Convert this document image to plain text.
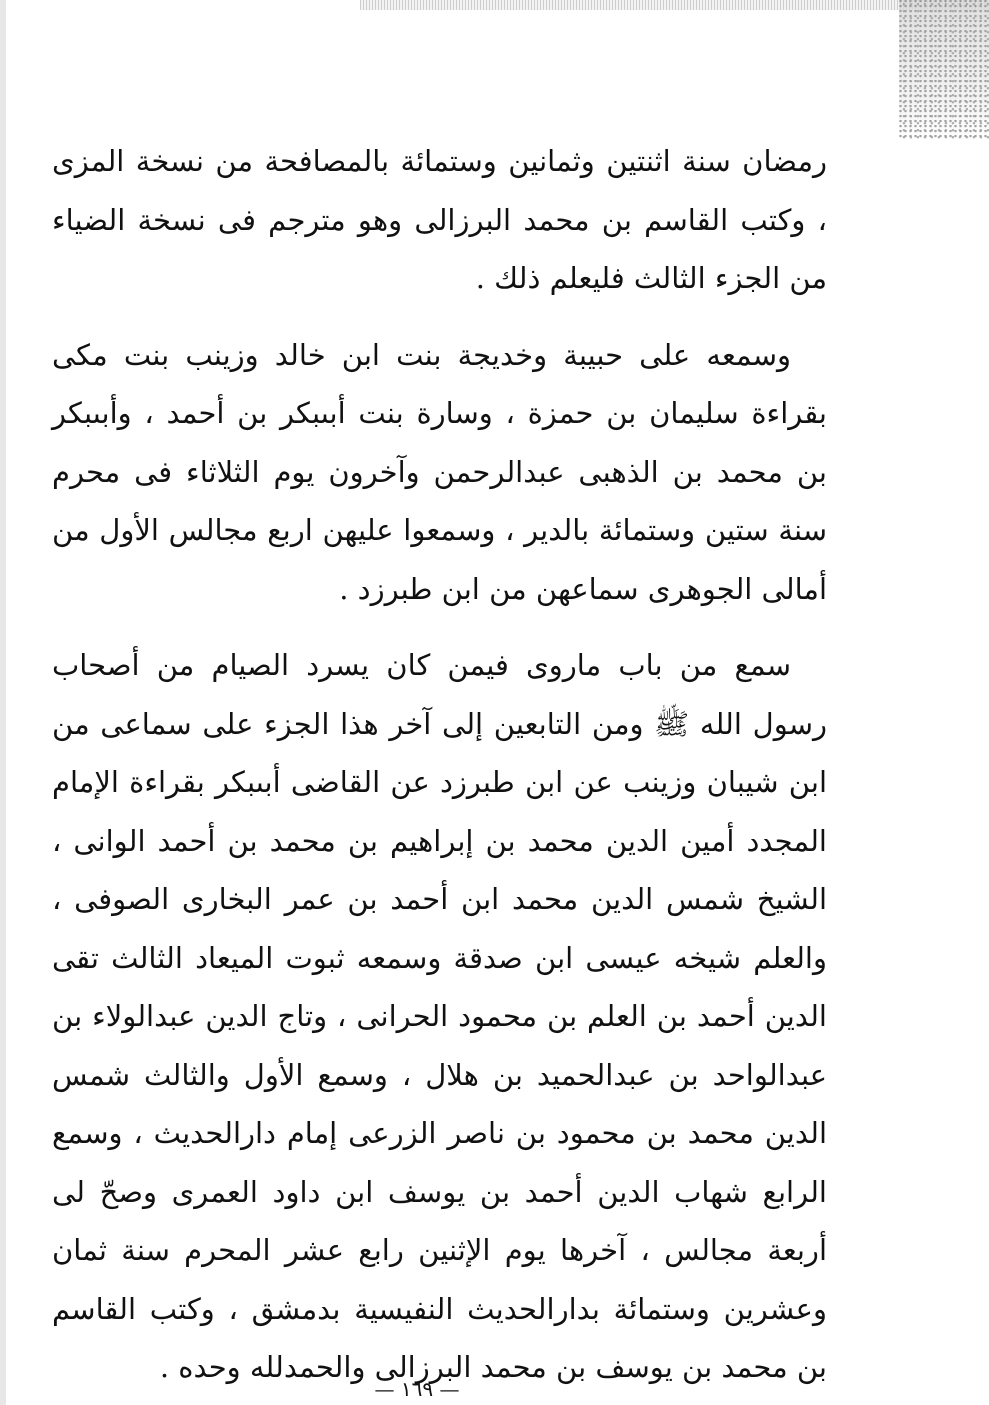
رمضان سنة اثنتين وثمانين وستمائة بالمصافحة من نسخة المزى ، وكتب القاسم بن محمد البرزالى وهو مترجم فى نسخة الضياء من الجزء الثالث فليعلم ذلك .

وسمعه على حبيبة وخديجة بنت ابن خالد وزينب بنت مكى بقراءة سليمان بن حمزة ، وسارة بنت أبىبكر بن أحمد ، وأبىبكر بن محمد بن الذهبى عبدالرحمن وآخرون يوم الثلاثاء فى محرم سنة ستين وستمائة بالدير ، وسمعوا عليهن اربع مجالس الأول من أمالى الجوهرى سماعهن من ابن طبرزد .

سمع من باب ماروى فيمن كان يسرد الصيام من أصحاب رسول الله ﷺ ومن التابعين إلى آخر هذا الجزء على سماعى من ابن شيبان وزينب عن ابن طبرزد عن القاضى أبىبكر بقراءة الإمام المجدد أمين الدين محمد بن إبراهيم بن محمد بن أحمد الوانى ، الشيخ شمس الدين محمد ابن أحمد بن عمر البخارى الصوفى ، والعلم شيخه عيسى ابن صدقة وسمعه ثبوت الميعاد الثالث تقى الدين أحمد بن العلم بن محمود الحرانى ، وتاج الدين عبدالولاء بن عبدالواحد بن عبدالحميد بن هلال ، وسمع الأول والثالث شمس الدين محمد بن محمود بن ناصر الزرعى إمام دارالحديث ، وسمع الرابع شهاب الدين أحمد بن يوسف ابن داود العمرى وصحّ لى أربعة مجالس ، آخرها يوم الإثنين رابع عشر المحرم سنة ثمان وعشرين وستمائة بدارالحديث النفيسية بدمشق ، وكتب القاسم بن محمد بن يوسف بن محمد البرزالى والحمدلله وحده .

— ١٦٩ —
